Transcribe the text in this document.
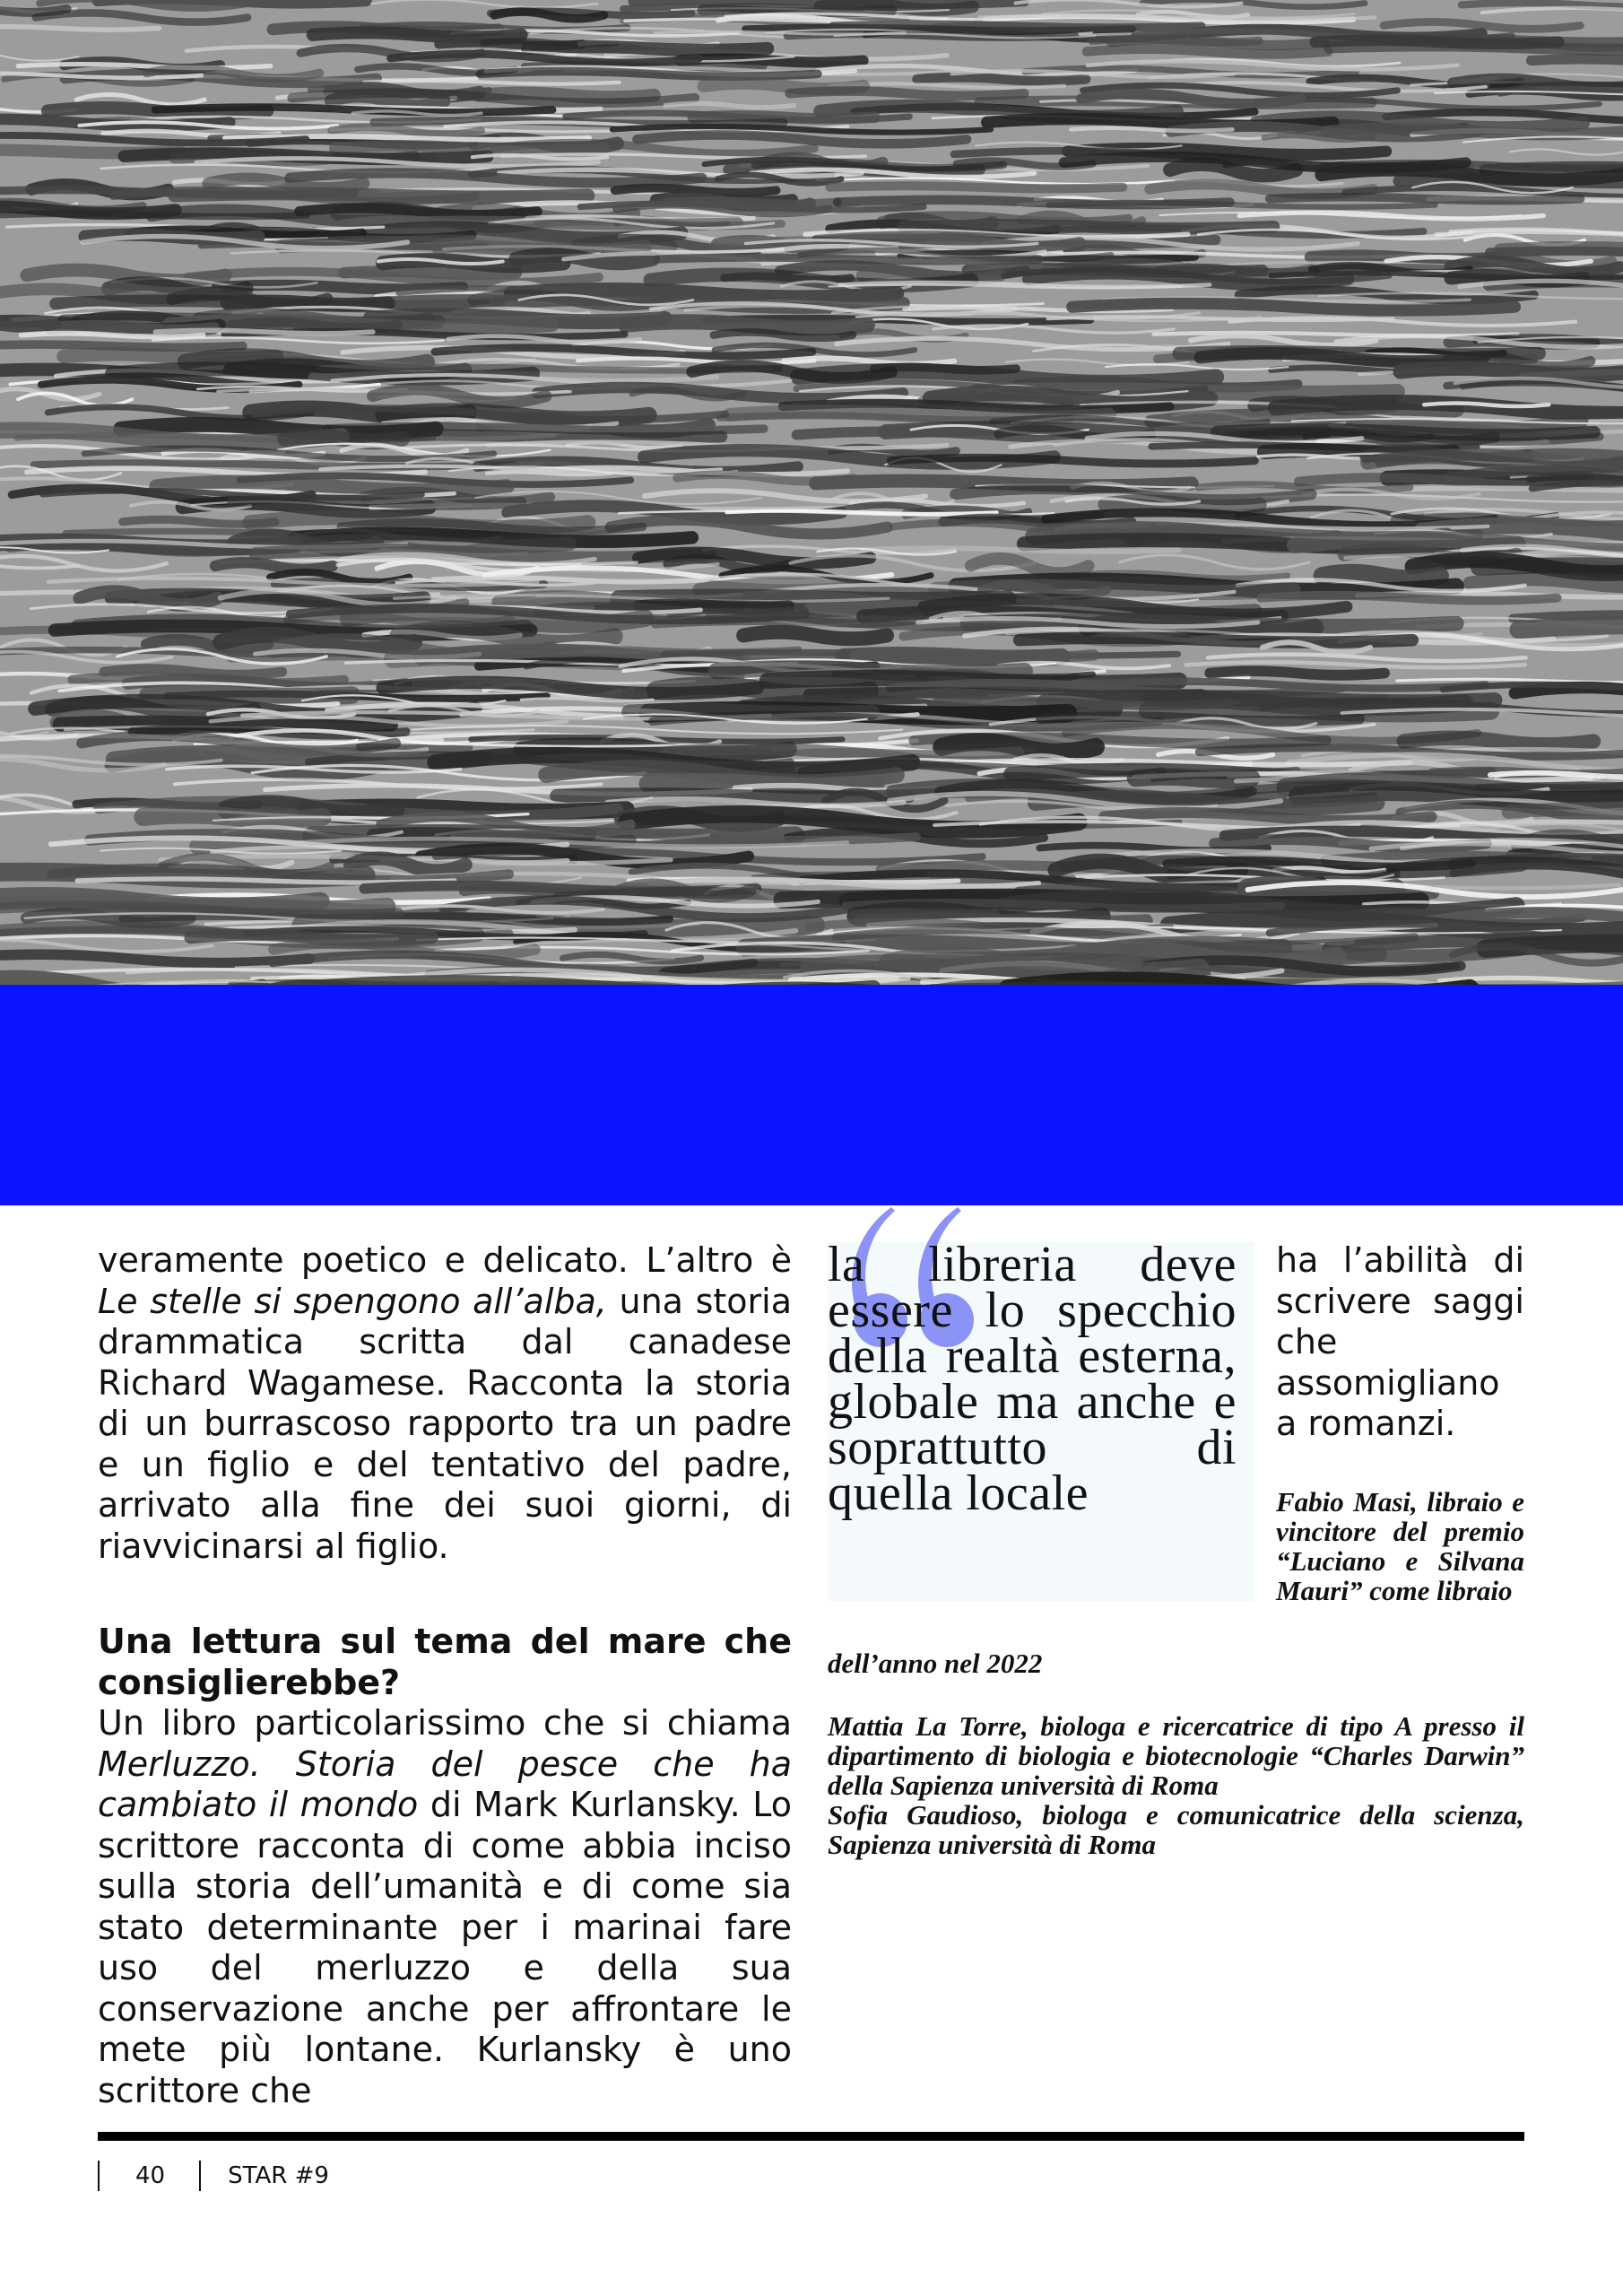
veramente poetico e delicato. L’altro è Le stelle si spengono all’alba, una storia drammatica scritta dal canadese Richard Wagamese. Racconta la storia di un burrascoso rapporto tra un padre e un figlio e del tentativo del padre, arrivato alla fine dei suoi giorni, di riavvicinarsi al figlio.

Una lettura sul tema del mare che consiglierebbe?

Un libro particolarissimo che si chiama Merluzzo. Storia del pesce che ha cambiato il mondo di Mark Kurlansky. Lo scrittore racconta di come abbia inciso sulla storia dell’umanità e di come sia stato determinante per i marinai fare uso del merluzzo e della sua conservazione anche per affrontare le mete più lontane. Kurlansky è uno scrittore che

la libreria deve essere lo specchio della realtà esterna, globale ma anche e soprattutto di quella locale
ha l’abilità di scrivere saggi che assomigliano a romanzi.
Fabio Masi, libraio e vincitore del premio “Luciano e Silvana Mauri” come libraio
dell’anno nel 2022

Mattia La Torre, biologa e ricercatrice di tipo A presso il dipartimento di biologia e biotecnologie “Charles Darwin” della Sapienza università di Roma

Sofia Gaudioso, biologa e comunicatrice della scienza, Sapienza università di Roma

40	STAR #9
